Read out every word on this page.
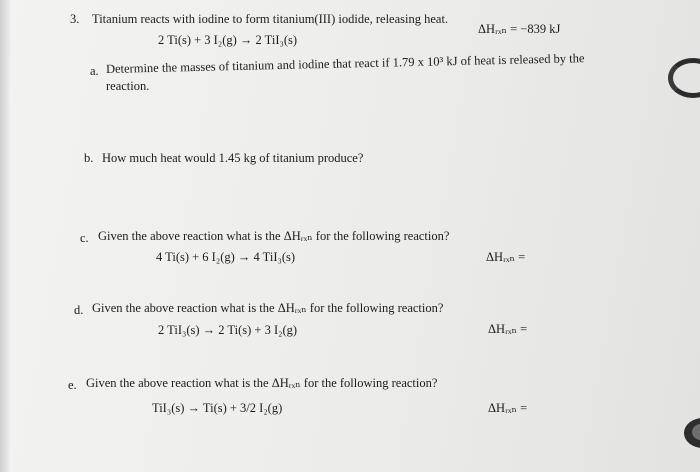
3. Titanium reacts with iodine to form titanium(III) iodide, releasing heat.
2 Ti(s) + 3 I₂(g) → 2 TiI₃(s)
ΔHᵣₓₙ = −839 kJ
a. Determine the masses of titanium and iodine that react if 1.79 x 10³ kJ of heat is released by the
reaction.
b. How much heat would 1.45 kg of titanium produce?
c. Given the above reaction what is the ΔHᵣₓₙ for the following reaction?
4 Ti(s) + 6 I₂(g) → 4 TiI₃(s)	ΔHᵣₓₙ =
d. Given the above reaction what is the ΔHᵣₓₙ for the following reaction?
2 TiI₃(s) → 2 Ti(s) + 3 I₂(g)	ΔHᵣₓₙ =
e. Given the above reaction what is the ΔHᵣₓₙ for the following reaction?
TiI₃(s) → Ti(s) + 3/2 I₂(g)	ΔHᵣₓₙ =
